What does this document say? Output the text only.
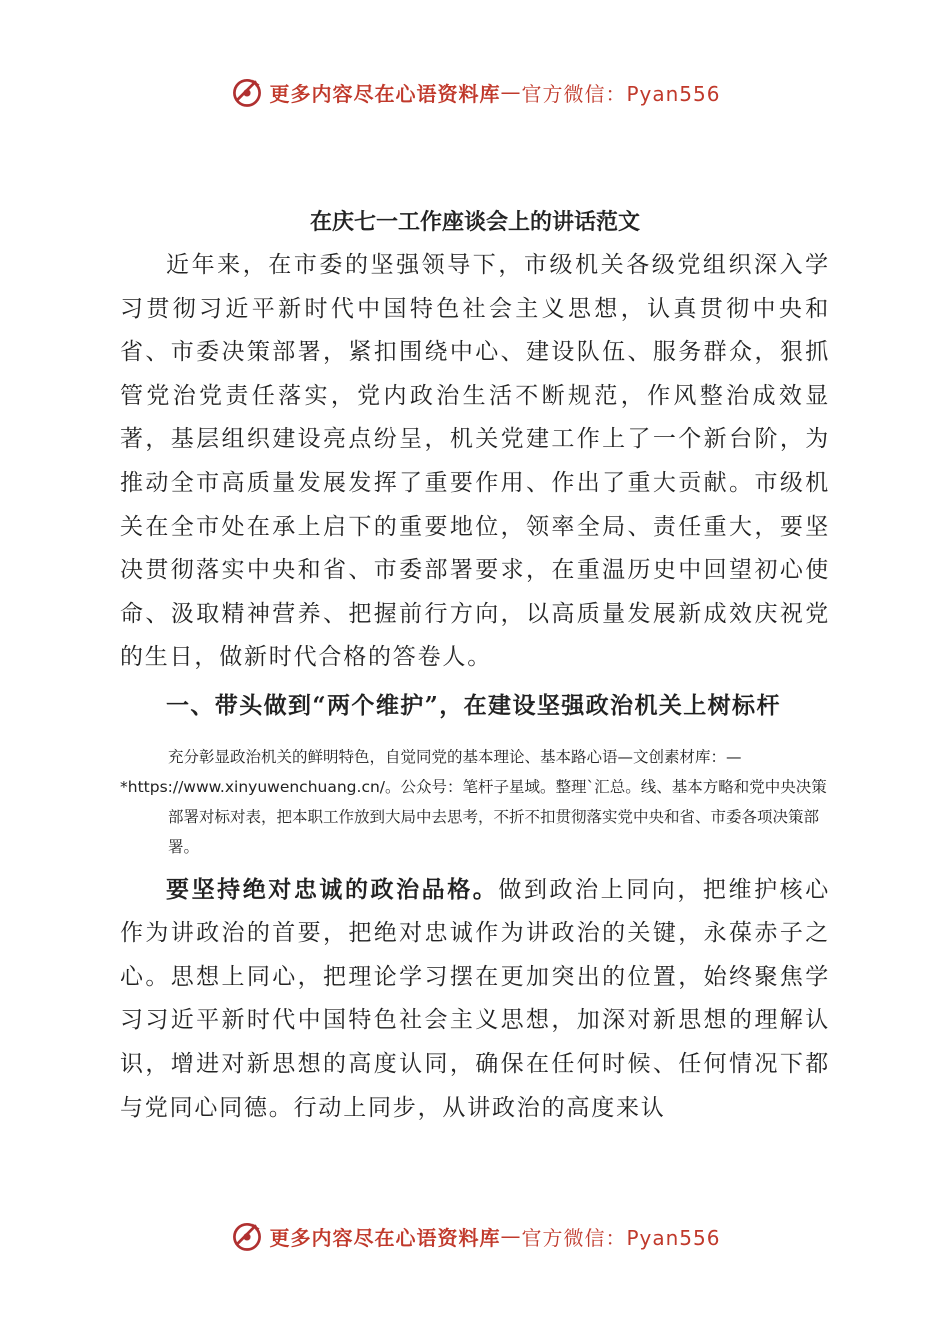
更多内容尽在心语资料库 — 官方微信：Pyan556
在庆七一工作座谈会上的讲话范文

近年来，在市委的坚强领导下，市级机关各级党组织深入学习贯彻习近平新时代中国特色社会主义思想，认真贯彻中央和省、市委决策部署，紧扣围绕中心、建设队伍、服务群众，狠抓管党治党责任落实，党内政治生活不断规范，作风整治成效显著，基层组织建设亮点纷呈，机关党建工作上了一个新台阶，为推动全市高质量发展发挥了重要作用、作出了重大贡献。市级机关在全市处在承上启下的重要地位，领率全局、责任重大，要坚决贯彻落实中央和省、市委部署要求，在重温历史中回望初心使命、汲取精神营养、把握前行方向，以高质量发展新成效庆祝党的生日，做新时代合格的答卷人。

一、带头做到“两个维护”，在建设坚强政治机关上树标杆

充分彰显政治机关的鲜明特色，自觉同党的基本理论、基本路心语—文创素材库：—
*https://www.xinyuwenchuang.cn/。公众号：笔杆子星域。整理`汇总。线、基本方略和党中央决策部署对标对表，把本职工作放到大局中去思考，不折不扣贯彻落实党中央和省、市委各项决策部署。

要坚持绝对忠诚的政治品格。做到政治上同向，把维护核心作为讲政治的首要，把绝对忠诚作为讲政治的关键，永葆赤子之心。思想上同心，把理论学习摆在更加突出的位置，始终聚焦学习习近平新时代中国特色社会主义思想，加深对新思想的理解认识，增进对新思想的高度认同，确保在任何时候、任何情况下都与党同心同德。行动上同步，从讲政治的高度来认

更多内容尽在心语资料库 — 官方微信：Pyan556
